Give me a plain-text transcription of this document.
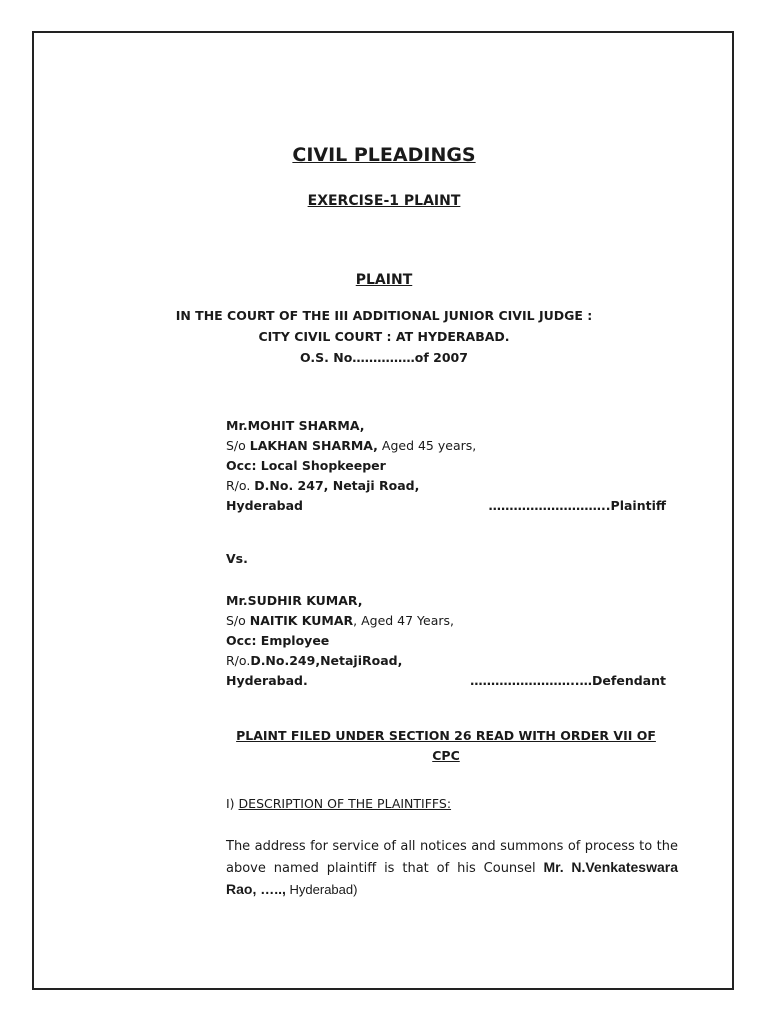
CIVIL PLEADINGS
EXERCISE-1 PLAINT
PLAINT
IN THE COURT OF THE III ADDITIONAL JUNIOR CIVIL JUDGE :
CITY CIVIL COURT : AT HYDERABAD.
O.S. No……………of 2007
Mr.MOHIT SHARMA,
S/o LAKHAN SHARMA, Aged 45 years,
Occ: Local Shopkeeper
R/o. D.No. 247, Netaji Road,
Hyderabad	………………………..Plaintiff
Vs.
Mr.SUDHIR KUMAR,
S/o NAITIK KUMAR, Aged 47 Years,
Occ: Employee
R/o.D.No.249,NetajiRoad,
Hyderabad.	……………………..…Defendant
PLAINT FILED UNDER SECTION 26 READ WITH ORDER VII OF CPC
I) DESCRIPTION OF THE PLAINTIFFS:
The address for service of all notices and summons of process to the above named plaintiff is that of his Counsel Mr. N.Venkateswara Rao, ….., Hyderabad)
